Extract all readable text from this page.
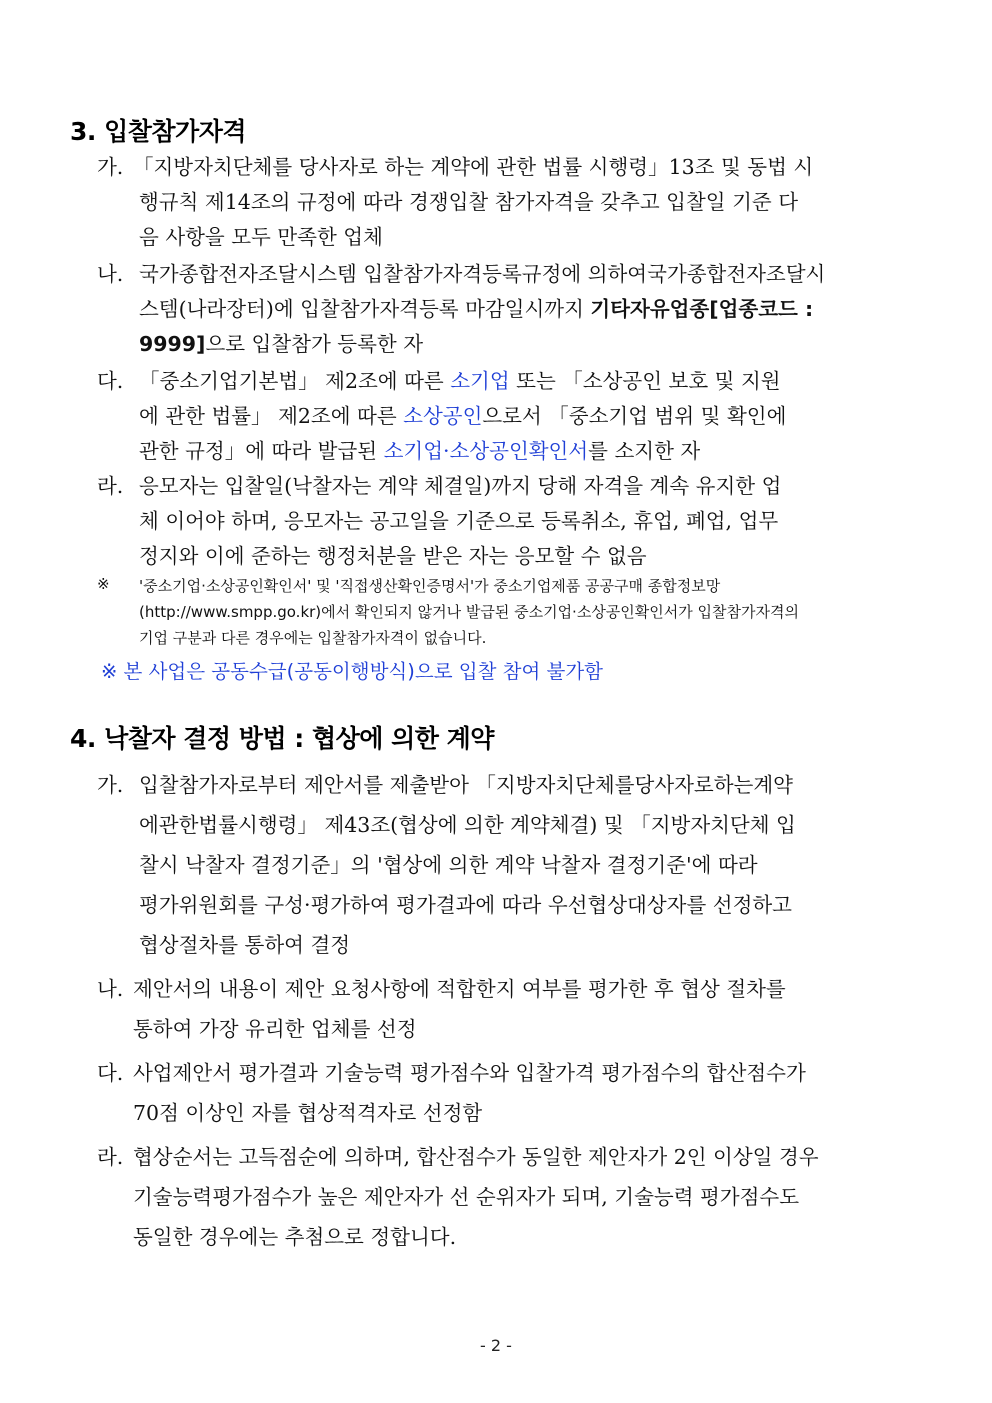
3. 입찰참가자격
가. 「지방자치단체를 당사자로 하는 계약에 관한 법률 시행령」13조 및 동법 시
행규칙 제14조의 규정에 따라 경쟁입찰 참가자격을 갖추고 입찰일 기준 다
음 사항을 모두 만족한 업체
나. 국가종합전자조달시스템 입찰참가자격등록규정에 의하여국가종합전자조달시
스템(나라장터)에 입찰참가자격등록 마감일시까지 기타자유업종[업종코드 :
9999]으로 입찰참가 등록한 자
다. 「중소기업기본법」 제2조에 따른 소기업 또는 「소상공인 보호 및 지원
에 관한 법률」 제2조에 따른 소상공인으로서 「중소기업 범위 및 확인에
관한 규정」에 따라 발급된 소기업·소상공인확인서를 소지한 자
라. 응모자는 입찰일(낙찰자는 계약 체결일)까지 당해 자격을 계속 유지한 업
체 이어야 하며, 응모자는 공고일을 기준으로 등록취소, 휴업, 폐업, 업무
정지와 이에 준하는 행정처분을 받은 자는 응모할 수 없음
※ '중소기업·소상공인확인서' 및 '직접생산확인증명서'가 중소기업제품 공공구매 종합정보망
(http://www.smpp.go.kr)에서 확인되지 않거나 발급된 중소기업·소상공인확인서가 입찰참가자격의
기업 구분과 다른 경우에는 입찰참가자격이 없습니다.
※ 본 사업은 공동수급(공동이행방식)으로 입찰 참여 불가함
4. 낙찰자 결정 방법 : 협상에 의한 계약
가. 입찰참가자로부터 제안서를 제출받아 「지방자치단체를당사자로하는계약
에관한법률시행령」 제43조(협상에 의한 계약체결) 및 「지방자치단체 입
찰시 낙찰자 결정기준」의 '협상에 의한 계약 낙찰자 결정기준'에 따라
평가위원회를 구성·평가하여 평가결과에 따라 우선협상대상자를 선정하고
협상절차를 통하여 결정
나. 제안서의 내용이 제안 요청사항에 적합한지 여부를 평가한 후 협상 절차를
통하여 가장 유리한 업체를 선정
다. 사업제안서 평가결과 기술능력 평가점수와 입찰가격 평가점수의 합산점수가
70점 이상인 자를 협상적격자로 선정함
라. 협상순서는 고득점순에 의하며, 합산점수가 동일한 제안자가 2인 이상일 경우
기술능력평가점수가 높은 제안자가 선 순위자가 되며, 기술능력 평가점수도
동일한 경우에는 추첨으로 정합니다.
- 2 -
